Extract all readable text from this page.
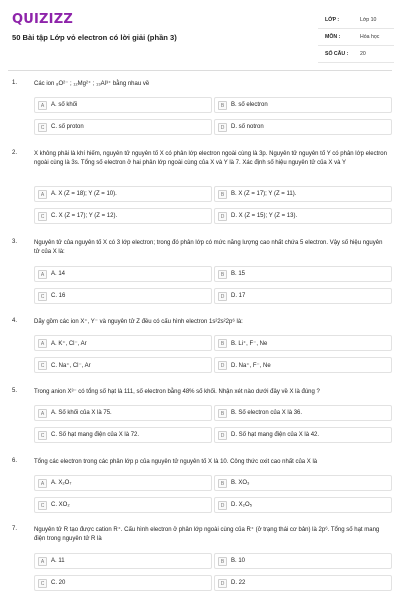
QUIZIZZ
50 Bài tập Lớp vỏ electron có lời giải (phần 3)
LỚP :	Lớp 10
MÔN :	Hóa học
SỐ CÂU : 20
1.	Các ion ₈O²⁻ ; ₁₂Mg²⁺ ; ₁₃Al³⁺ bằng nhau về
A	A. số khối	B	B. số electron
C	C. số proton	D	D. số notron
2.	X không phải là khí hiếm, nguyên tử nguyên tố X có phân lớp electron ngoài cùng là 3p. Nguyên tử nguyên tố Y có phân lớp electron ngoài cùng là 3s. Tổng số electron ở hai phân lớp ngoài cùng của X và Y là 7. Xác định số hiệu nguyên tử của X và Y
A	A. X (Z = 18); Y (Z = 10).	B	B. X (Z = 17); Y (Z = 11).
C	C. X (Z = 17); Y (Z = 12).	D	D. X (Z = 15); Y (Z = 13).
3.	Nguyên tử của nguyên tố X có 3 lớp electron; trong đó phân lớp có mức năng lượng cao nhất chứa 5 electron. Vậy số hiệu nguyên tử của X là:
A	A. 14	B	B. 15
C	C. 16	D	D. 17
4.	Dãy gồm các ion X⁺, Y⁻ và nguyên tử Z đều có cấu hình electron 1s²2s²2p⁶ là:
A	A. K⁺, Cl⁻, Ar	B	B. Li⁺, F⁻, Ne
C	C. Na⁺, Cl⁻, Ar	D	D. Na⁺, F⁻, Ne
5.	Trong anion X³⁻ có tổng số hạt là 111, số electron bằng 48% số khối. Nhận xét nào dưới đây về X là đúng ?
A	A. Số khối của X là 75.	B	B. Số electron của X là 36.
C	C. Số hạt mang điện của X là 72.	D	D. Số hạt mang điện của X là 42.
6.	Tổng các electron trong các phân lớp p của nguyên tử nguyên tố X là 10. Công thức oxit cao nhất của X là
A	A. X₂O₇	B	B. XO₃
C	C. XO₂	D	D. X₂O₅
7.	Nguyên tử R tạo được cation R⁺. Cấu hình electron ở phân lớp ngoài cùng của R⁺ (ở trạng thái cơ bản) là 2p⁶. Tổng số hạt mang điện trong nguyên tử R là
A	A. 11	B	B. 10
C	C. 20	D	D. 22
